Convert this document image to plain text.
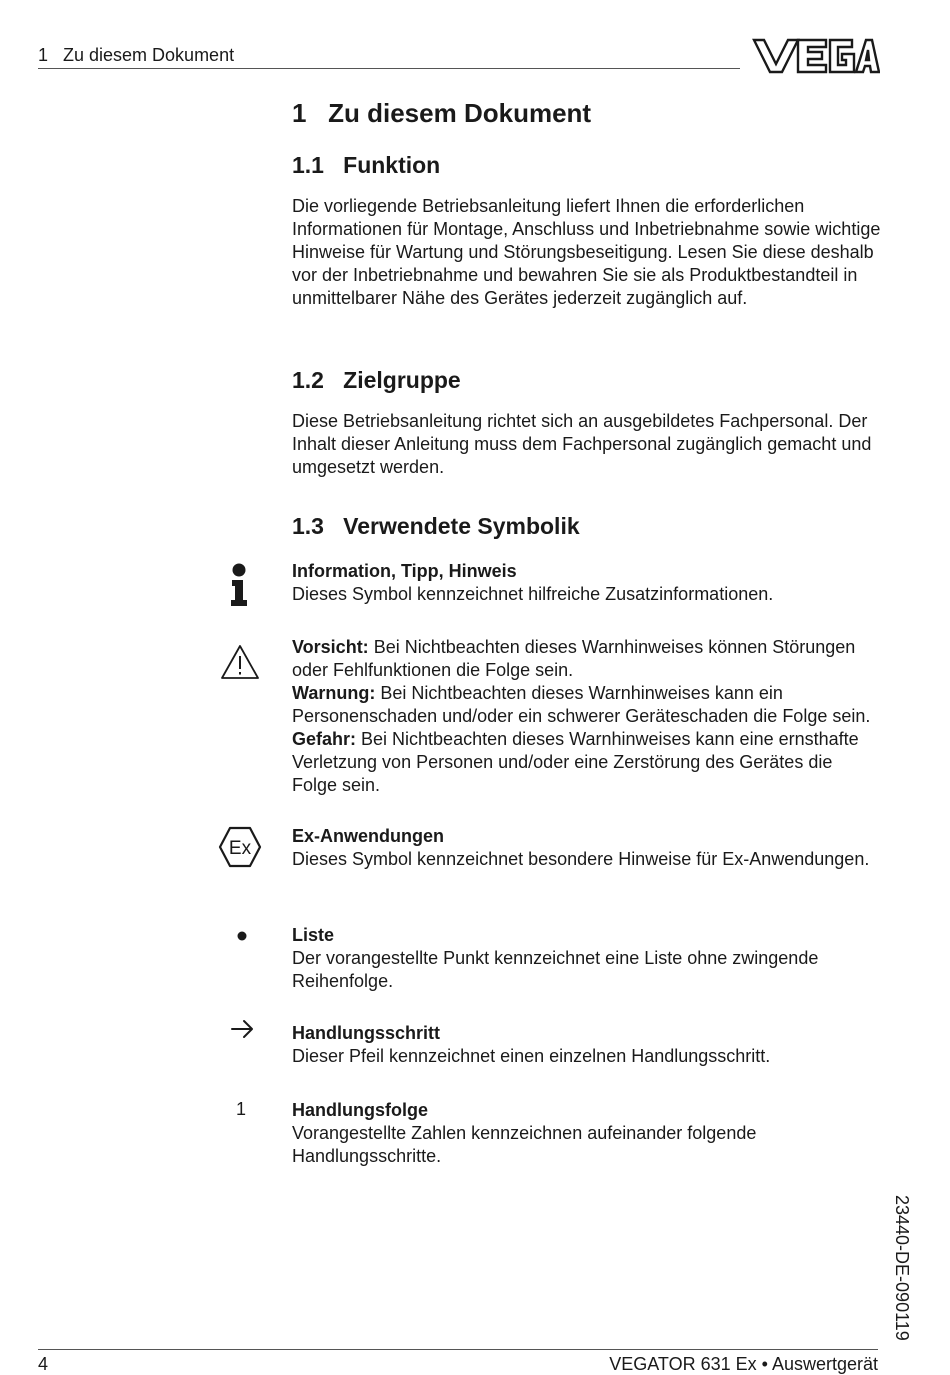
1   Zu diesem Dokument
1   Zu diesem Dokument
1.1   Funktion

Die vorliegende Betriebsanleitung liefert Ihnen die erforderlichen Informationen für Montage, Anschluss und Inbetriebnahme sowie wichtige Hinweise für Wartung und Störungsbeseitigung. Lesen Sie diese deshalb vor der Inbetriebnahme und bewahren Sie sie als Produktbestandteil in unmittelbarer Nähe des Gerätes jederzeit zugänglich auf.

1.2   Zielgruppe

Diese Betriebsanleitung richtet sich an ausgebildetes Fachpersonal. Der Inhalt dieser Anleitung muss dem Fachpersonal zugänglich gemacht und umgesetzt werden.

1.3   Verwendete Symbolik
Information, Tipp, Hinweis
Dieses Symbol kennzeichnet hilfreiche Zusatzinformationen.
Vorsicht: Bei Nichtbeachten dieses Warnhinweises können Störungen oder Fehlfunktionen die Folge sein.
Warnung: Bei Nichtbeachten dieses Warnhinweises kann ein Personenschaden und/oder ein schwerer Geräteschaden die Folge sein.
Gefahr: Bei Nichtbeachten dieses Warnhinweises kann eine ernsthafte Verletzung von Personen und/oder eine Zerstörung des Gerätes die Folge sein.
Ex
Ex-Anwendungen
Dieses Symbol kennzeichnet besondere Hinweise für Ex-Anwendungen.
Liste
Der vorangestellte Punkt kennzeichnet eine Liste ohne zwingende Reihenfolge.
Handlungsschritt
Dieser Pfeil kennzeichnet einen einzelnen Handlungsschritt.
1	Handlungsfolge
Vorangestellte Zahlen kennzeichnen aufeinander folgende Handlungsschritte.
23440-DE-090119
4	VEGATOR 631 Ex • Auswertgerät
